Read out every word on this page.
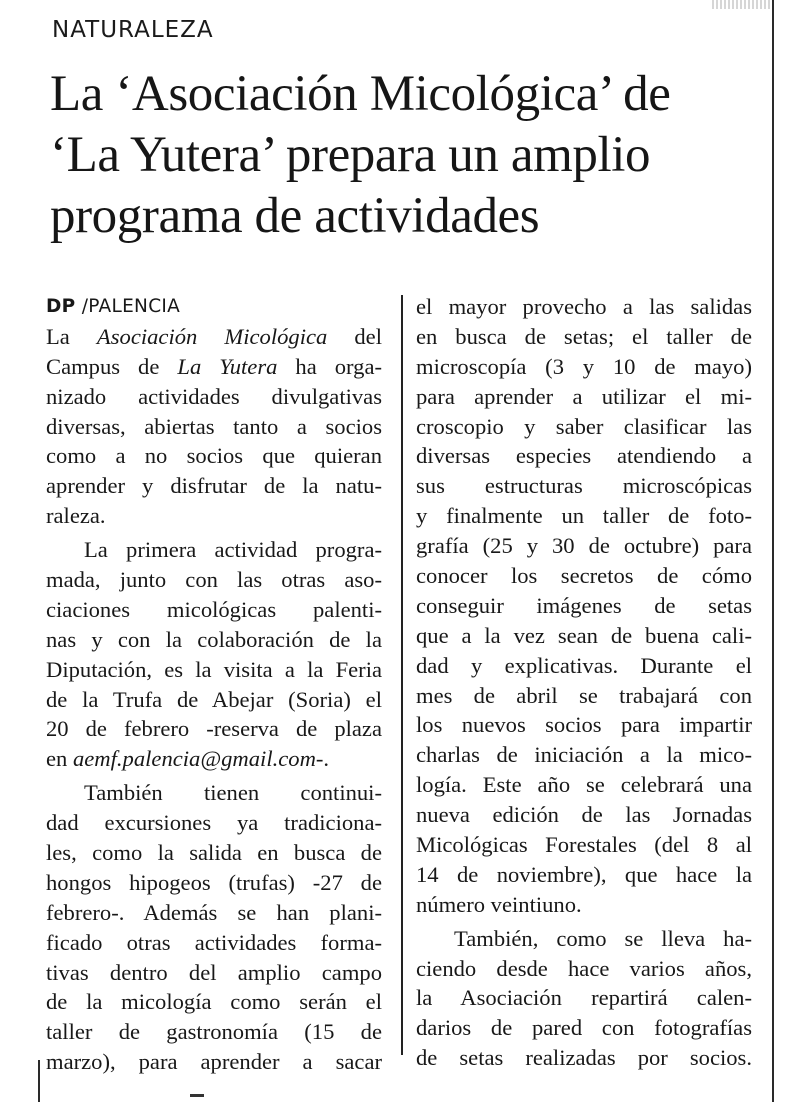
NATURALEZA
La ‘Asociación Micológica’ de
‘La Yutera’ prepara un amplio
programa de actividades
DP /PALENCIA
La Asociación Micológica del
Campus de La Yutera ha orga-
nizado actividades divulgativas
diversas, abiertas tanto a socios
como a no socios que quieran
aprender y disfrutar de la natu-
raleza.
La primera actividad progra-
mada, junto con las otras aso-
ciaciones micológicas palenti-
nas y con la colaboración de la
Diputación, es la visita a la Feria
de la Trufa de Abejar (Soria) el
20 de febrero -reserva de plaza
en aemf.palencia@gmail.com-.
También tienen continui-
dad excursiones ya tradiciona-
les, como la salida en busca de
hongos hipogeos (trufas) -27 de
febrero-. Además se han plani-
ficado otras actividades forma-
tivas dentro del amplio campo
de la micología como serán el
taller de gastronomía (15 de
marzo), para aprender a sacar
el mayor provecho a las salidas
en busca de setas; el taller de
microscopía (3 y 10 de mayo)
para aprender a utilizar el mi-
croscopio y saber clasificar las
diversas especies atendiendo a
sus estructuras microscópicas
y finalmente un taller de foto-
grafía (25 y 30 de octubre) para
conocer los secretos de cómo
conseguir imágenes de setas
que a la vez sean de buena cali-
dad y explicativas. Durante el
mes de abril se trabajará con
los nuevos socios para impartir
charlas de iniciación a la mico-
logía. Este año se celebrará una
nueva edición de las Jornadas
Micológicas Forestales (del 8 al
14 de noviembre), que hace la
número veintiuno.
También, como se lleva ha-
ciendo desde hace varios años,
la Asociación repartirá calen-
darios de pared con fotografías
de setas realizadas por socios.
